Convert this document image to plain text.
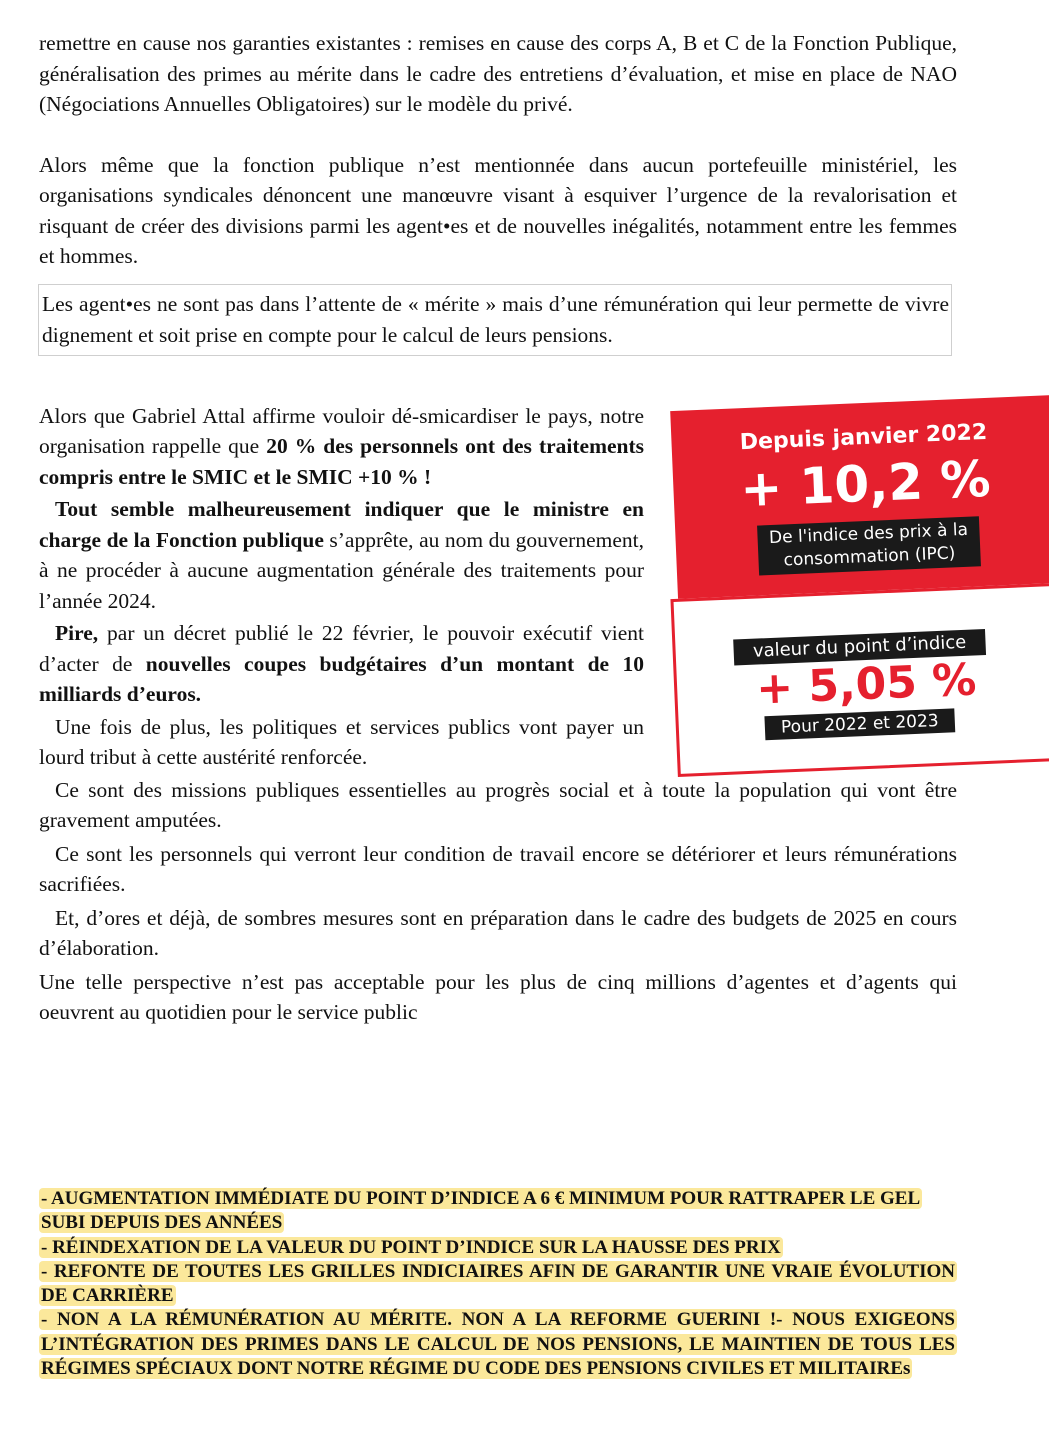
remettre en cause nos garanties existantes : remises en cause des corps A, B et C de la Fonction Publique, généralisation des primes au mérite dans le cadre des entretiens d’évaluation, et mise en place de NAO (Négociations Annuelles Obligatoires) sur le modèle du privé.

Alors même que la fonction publique n’est mentionnée dans aucun portefeuille ministériel, les organisations syndicales dénoncent une manœuvre visant à esquiver l’urgence de la revalorisation et risquant de créer des divisions parmi les agent•es et de nouvelles inégalités, notamment entre les femmes et hommes.

Les agent•es ne sont pas dans l’attente de « mérite » mais d’une rémunération qui leur permette de vivre dignement et soit prise en compte pour le calcul de leurs pensions.

Alors que Gabriel Attal affirme vouloir dé-smicardiser le pays, notre organisation rappelle que 20 % des personnels ont des traitements compris entre le SMIC et le SMIC +10 % !

Tout semble malheureusement indiquer que le ministre en charge de la Fonction publique s’apprête, au nom du gouvernement, à ne procéder à aucune augmentation générale des traitements pour l’année 2024.

Pire, par un décret publié le 22 février, le pouvoir exécutif vient d’acter de nouvelles coupes budgétaires d’un montant de 10 milliards d’euros.

Une fois de plus, les politiques et services publics vont payer un lourd tribut à cette austérité renforcée.

Depuis janvier 2022
+ 10,2 %
De l'indice des prix à la consommation (IPC)
valeur du point d’indice
+ 5,05 %
Pour 2022 et 2023

Ce sont des missions publiques essentielles au progrès social et à toute la population qui vont être gravement amputées.

Ce sont les personnels qui verront leur condition de travail encore se détériorer et leurs rémunérations sacrifiées.

Et, d’ores et déjà, de sombres mesures sont en préparation dans le cadre des budgets de 2025 en cours d’élaboration.

Une telle perspective n’est pas acceptable pour les plus de cinq millions d’agentes et d’agents qui oeuvrent au quotidien pour le service public

- AUGMENTATION IMMÉDIATE DU POINT D’INDICE A 6 € MINIMUM POUR RATTRAPER LE GEL SUBI DEPUIS DES ANNÉES
- RÉINDEXATION DE LA VALEUR DU POINT D’INDICE SUR LA HAUSSE DES PRIX
- REFONTE DE TOUTES LES GRILLES INDICIAIRES AFIN DE GARANTIR UNE VRAIE ÉVOLUTION DE CARRIÈRE
- NON A LA RÉMUNÉRATION AU MÉRITE. NON A LA REFORME GUERINI !- NOUS EXIGEONS L’INTÉGRATION DES PRIMES DANS LE CALCUL DE NOS PENSIONS, LE MAINTIEN DE TOUS LES RÉGIMES SPÉCIAUX DONT NOTRE RÉGIME DU CODE DES PENSIONS CIVILES ET MILITAIREs
